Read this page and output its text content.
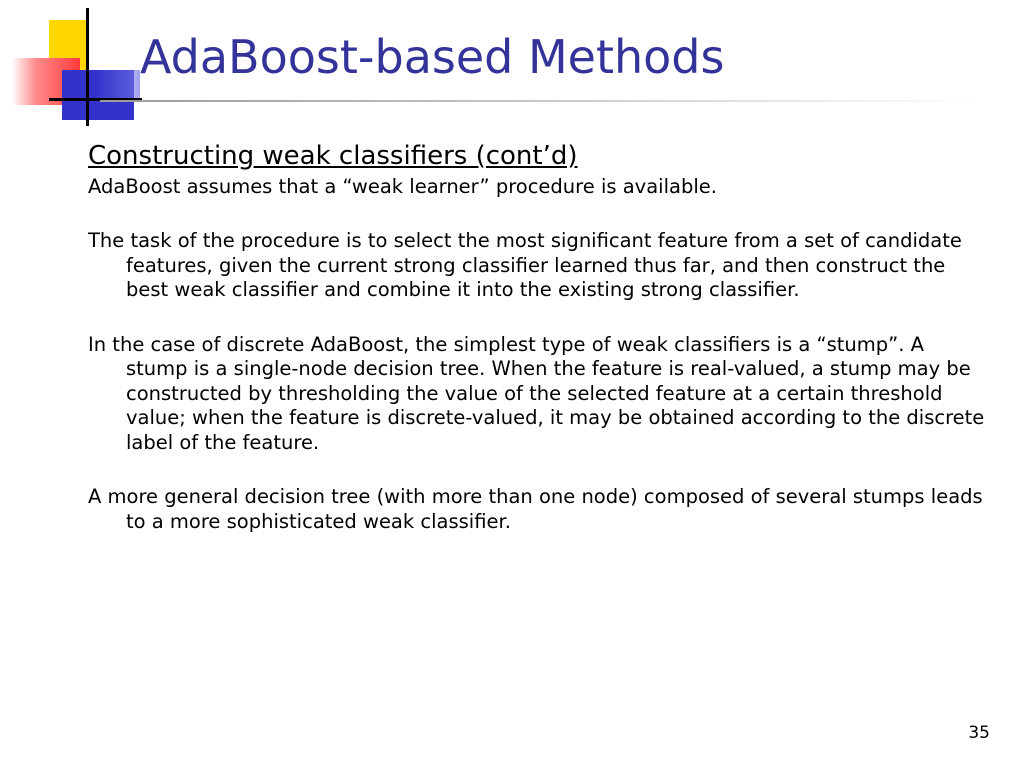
AdaBoost-based Methods
Constructing weak classifiers (cont’d)

AdaBoost assumes that a “weak learner” procedure is available.

The task of the procedure is to select the most significant feature from a set of candidate features, given the current strong classifier learned thus far, and then construct the best weak classifier and combine it into the existing strong classifier.

In the case of discrete AdaBoost, the simplest type of weak classifiers is a “stump”. A stump is a single-node decision tree. When the feature is real-valued, a stump may be constructed by thresholding the value of the selected feature at a certain threshold value; when the feature is discrete-valued, it may be obtained according to the discrete label of the feature.

A more general decision tree (with more than one node) composed of several stumps leads to a more sophisticated weak classifier.

35
